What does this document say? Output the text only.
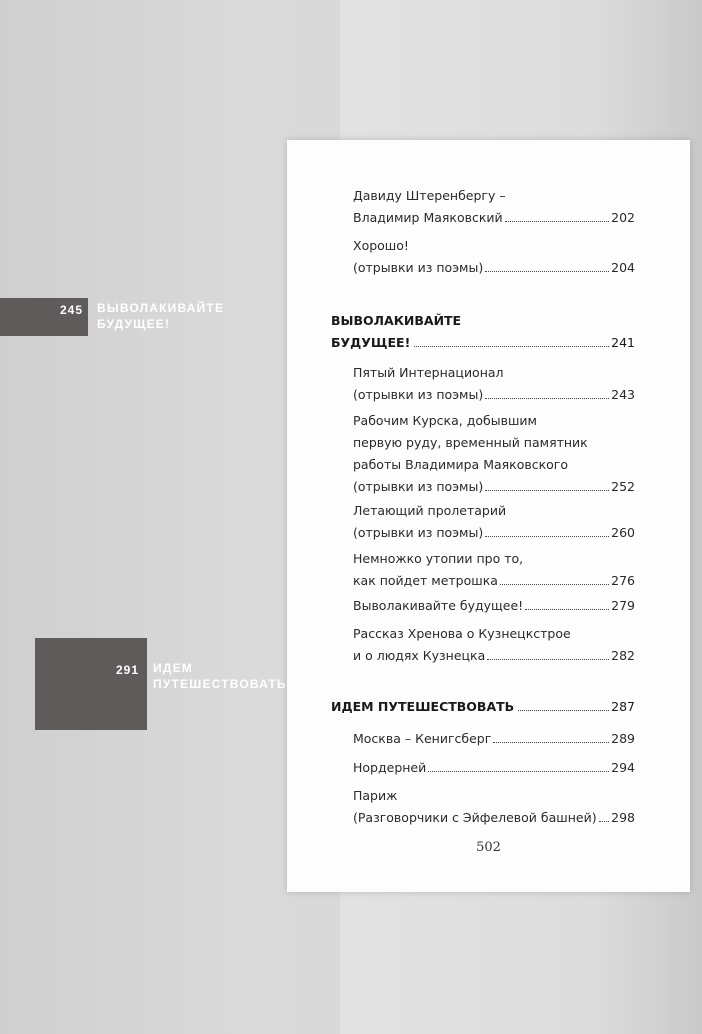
245 ВЫВОЛАКИВАЙТЕ
БУДУЩЕЕ!
291 ИДЕМ
ПУТЕШЕСТВОВАТЬ
Давиду Штеренбергу –
Владимир Маяковский	202
Хорошо!
(отрывки из поэмы)	204
ВЫВОЛАКИВАЙТЕ
БУДУЩЕЕ!	241
Пятый Интернационал
(отрывки из поэмы)	243
Рабочим Курска, добывшим
первую руду, временный памятник
работы Владимира Маяковского
(отрывки из поэмы)	252
Летающий пролетарий
(отрывки из поэмы)	260
Немножко утопии про то,
как пойдет метрошка	276
Выволакивайте будущее!	279
Рассказ Хренова о Кузнецкстрое
и о людях Кузнецка	282
ИДЕМ ПУТЕШЕСТВОВАТЬ	287
Москва – Кенигсберг	289
Нордерней	294
Париж
(Разговорчики с Эйфелевой башней) 298
502
